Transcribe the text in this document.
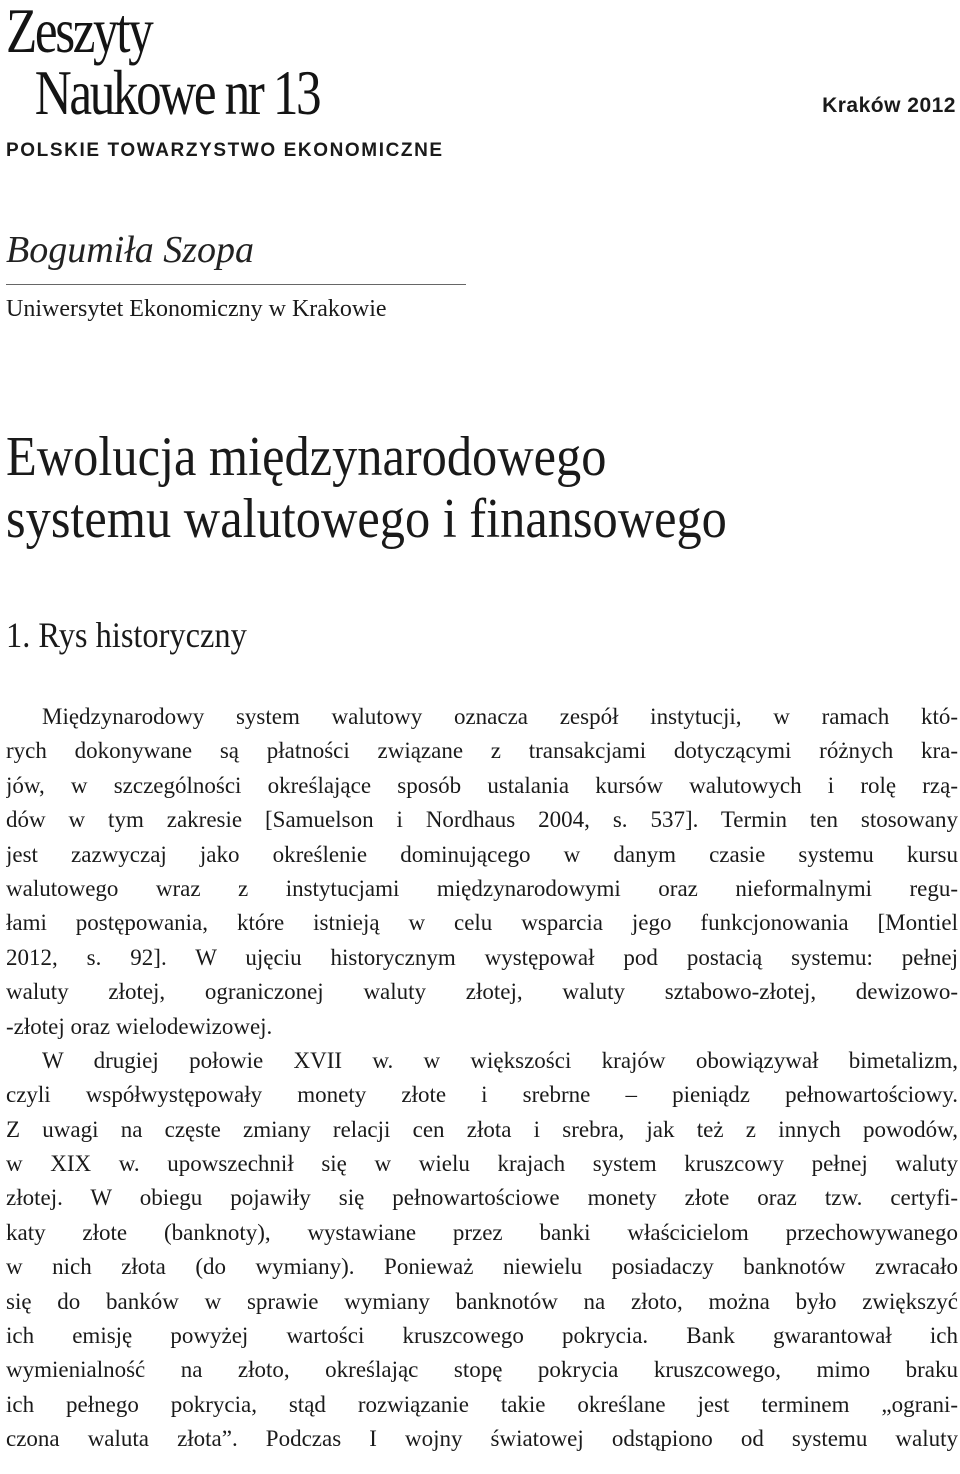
Zeszyty
Naukowe nr 13	Kraków 2012
POLSKIE TOWARZYSTWO EKONOMICZNE
Bogumiła Szopa
Uniwersytet Ekonomiczny w Krakowie
Ewolucja międzynarodowego
systemu walutowego i finansowego
1. Rys historyczny

Międzynarodowy system walutowy oznacza zespół instytucji, w ramach któ-
rych dokonywane są płatności związane z transakcjami dotyczącymi różnych kra-
jów, w szczególności określające sposób ustalania kursów walutowych i rolę rzą-
dów w tym zakresie [Samuelson i Nordhaus 2004, s. 537]. Termin ten stosowany
jest zazwyczaj jako określenie dominującego w danym czasie systemu kursu
walutowego wraz z instytucjami międzynarodowymi oraz nieformalnymi regu-
łami postępowania, które istnieją w celu wsparcia jego funkcjonowania [Montiel
2012, s. 92]. W ujęciu historycznym występował pod postacią systemu: pełnej
waluty złotej, ograniczonej waluty złotej, waluty sztabowo-złotej, dewizowo-
-złotej oraz wielodewizowej.

W drugiej połowie XVII w. w większości krajów obowiązywał bimetalizm,
czyli współwystępowały monety złote i srebrne – pieniądz pełnowartościowy.
Z uwagi na częste zmiany relacji cen złota i srebra, jak też z innych powodów,
w XIX w. upowszechnił się w wielu krajach system kruszcowy pełnej waluty
złotej. W obiegu pojawiły się pełnowartościowe monety złote oraz tzw. certyfi-
katy złote (banknoty), wystawiane przez banki właścicielom przechowywanego
w nich złota (do wymiany). Ponieważ niewielu posiadaczy banknotów zwracało
się do banków w sprawie wymiany banknotów na złoto, można było zwiększyć
ich emisję powyżej wartości kruszcowego pokrycia. Bank gwarantował ich
wymienialność na złoto, określając stopę pokrycia kruszcowego, mimo braku
ich pełnego pokrycia, stąd rozwiązanie takie określane jest terminem „ograni-
czona waluta złota”. Podczas I wojny światowej odstąpiono od systemu waluty
